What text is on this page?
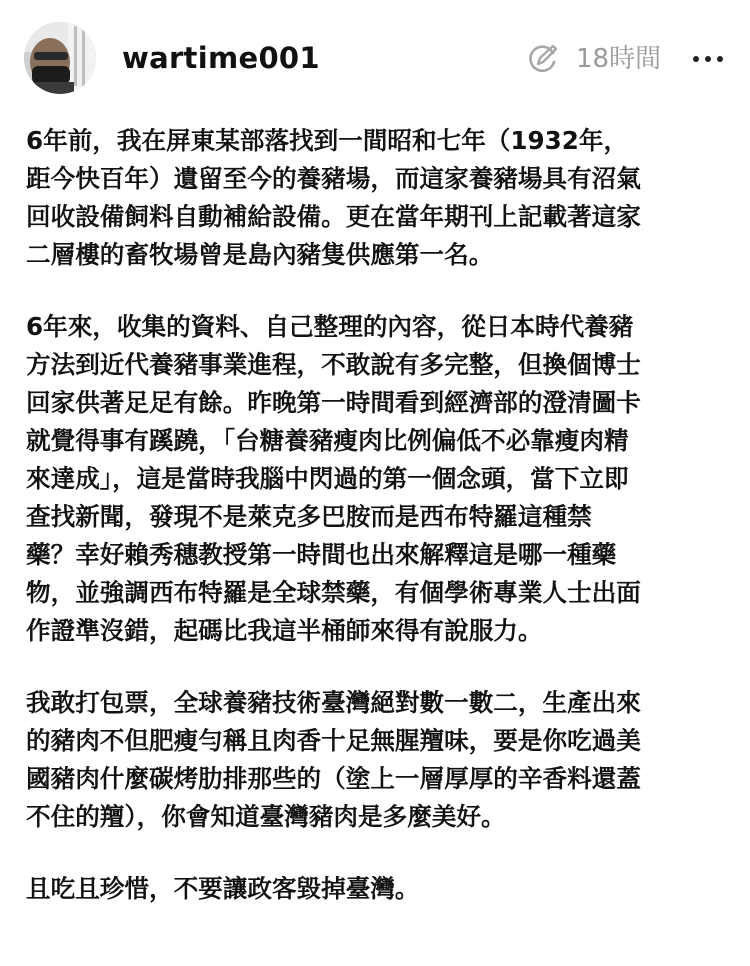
wartime001	18時間

6年前，我在屏東某部落找到一間昭和七年（1932年，
距今快百年）遺留至今的養豬場，而這家養豬場具有沼氣
回收設備飼料自動補給設備。更在當年期刊上記載著這家
二層樓的畜牧場曾是島內豬隻供應第一名。

6年來，收集的資料、自己整理的內容，從日本時代養豬
方法到近代養豬事業進程，不敢說有多完整，但換個博士
回家供著足足有餘。昨晚第一時間看到經濟部的澄清圖卡
就覺得事有蹊蹺，「台糖養豬瘦肉比例偏低不必靠瘦肉精
來達成」，這是當時我腦中閃過的第一個念頭，當下立即
查找新聞，發現不是萊克多巴胺而是西布特羅這種禁
藥？幸好賴秀穗教授第一時間也出來解釋這是哪一種藥
物，並強調西布特羅是全球禁藥，有個學術專業人士出面
作證準沒錯，起碼比我這半桶師來得有說服力。

我敢打包票，全球養豬技術臺灣絕對數一數二，生產出來
的豬肉不但肥瘦勻稱且肉香十足無腥羶味，要是你吃過美
國豬肉什麼碳烤肋排那些的（塗上一層厚厚的辛香料還蓋
不住的羶），你會知道臺灣豬肉是多麼美好。

且吃且珍惜，不要讓政客毀掉臺灣。
